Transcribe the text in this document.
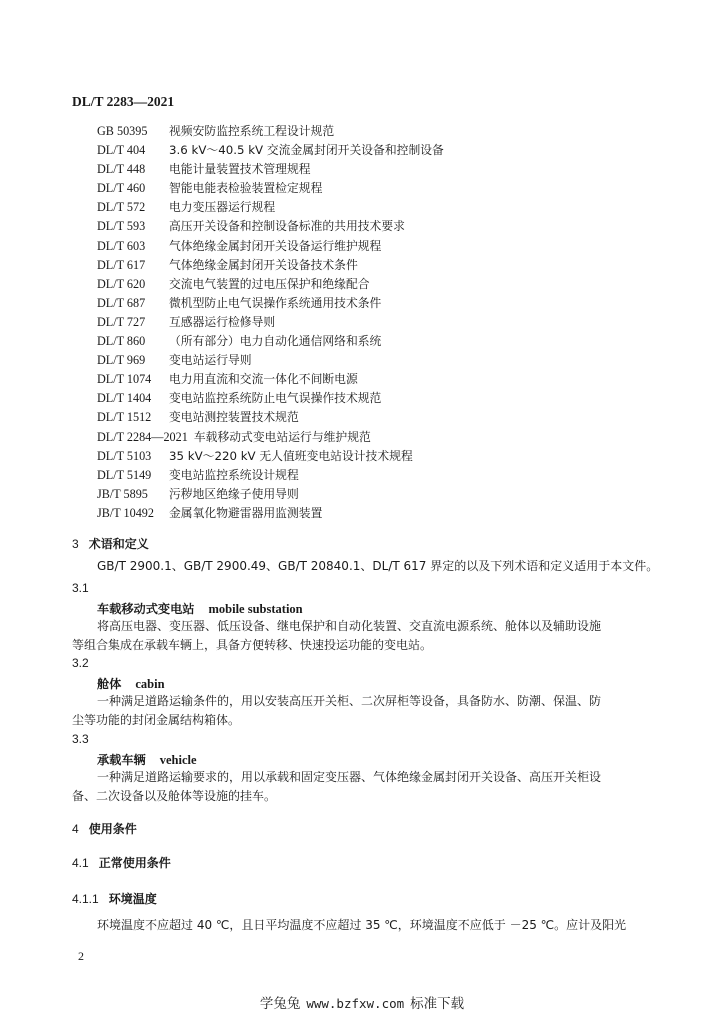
DL/T 2283—2021
GB 50395 视频安防监控系统工程设计规范
DL/T 404 3.6 kV～40.5 kV 交流金属封闭开关设备和控制设备
DL/T 448 电能计量装置技术管理规程
DL/T 460 智能电能表检验装置检定规程
DL/T 572 电力变压器运行规程
DL/T 593 高压开关设备和控制设备标准的共用技术要求
DL/T 603 气体绝缘金属封闭开关设备运行维护规程
DL/T 617 气体绝缘金属封闭开关设备技术条件
DL/T 620 交流电气装置的过电压保护和绝缘配合
DL/T 687 微机型防止电气误操作系统通用技术条件
DL/T 727 互感器运行检修导则
DL/T 860 （所有部分）电力自动化通信网络和系统
DL/T 969 变电站运行导则
DL/T 1074 电力用直流和交流一体化不间断电源
DL/T 1404 变电站监控系统防止电气误操作技术规范
DL/T 1512 变电站测控装置技术规范
DL/T 2284—2021 车载移动式变电站运行与维护规范
DL/T 5103 35 kV～220 kV 无人值班变电站设计技术规程
DL/T 5149 变电站监控系统设计规程
JB/T 5895 污秽地区绝缘子使用导则
JB/T 10492 金属氧化物避雷器用监测装置
3 术语和定义
GB/T 2900.1、GB/T 2900.49、GB/T 20840.1、DL/T 617 界定的以及下列术语和定义适用于本文件。
3.1
车载移动式变电站 mobile substation
将高压电器、变压器、低压设备、继电保护和自动化装置、交直流电源系统、舱体以及辅助设施
等组合集成在承载车辆上，具备方便转移、快速投运功能的变电站。
3.2
舱体 cabin
一种满足道路运输条件的，用以安装高压开关柜、二次屏柜等设备，具备防水、防潮、保温、防
尘等功能的封闭金属结构箱体。
3.3
承载车辆 vehicle
一种满足道路运输要求的，用以承载和固定变压器、气体绝缘金属封闭开关设备、高压开关柜设
备、二次设备以及舱体等设施的挂车。
4 使用条件
4.1 正常使用条件
4.1.1 环境温度
环境温度不应超过 40 ℃，且日平均温度不应超过 35 ℃，环境温度不应低于 －25 ℃。应计及阳光
2
学兔兔 www.bzfxw.com 标准下载
